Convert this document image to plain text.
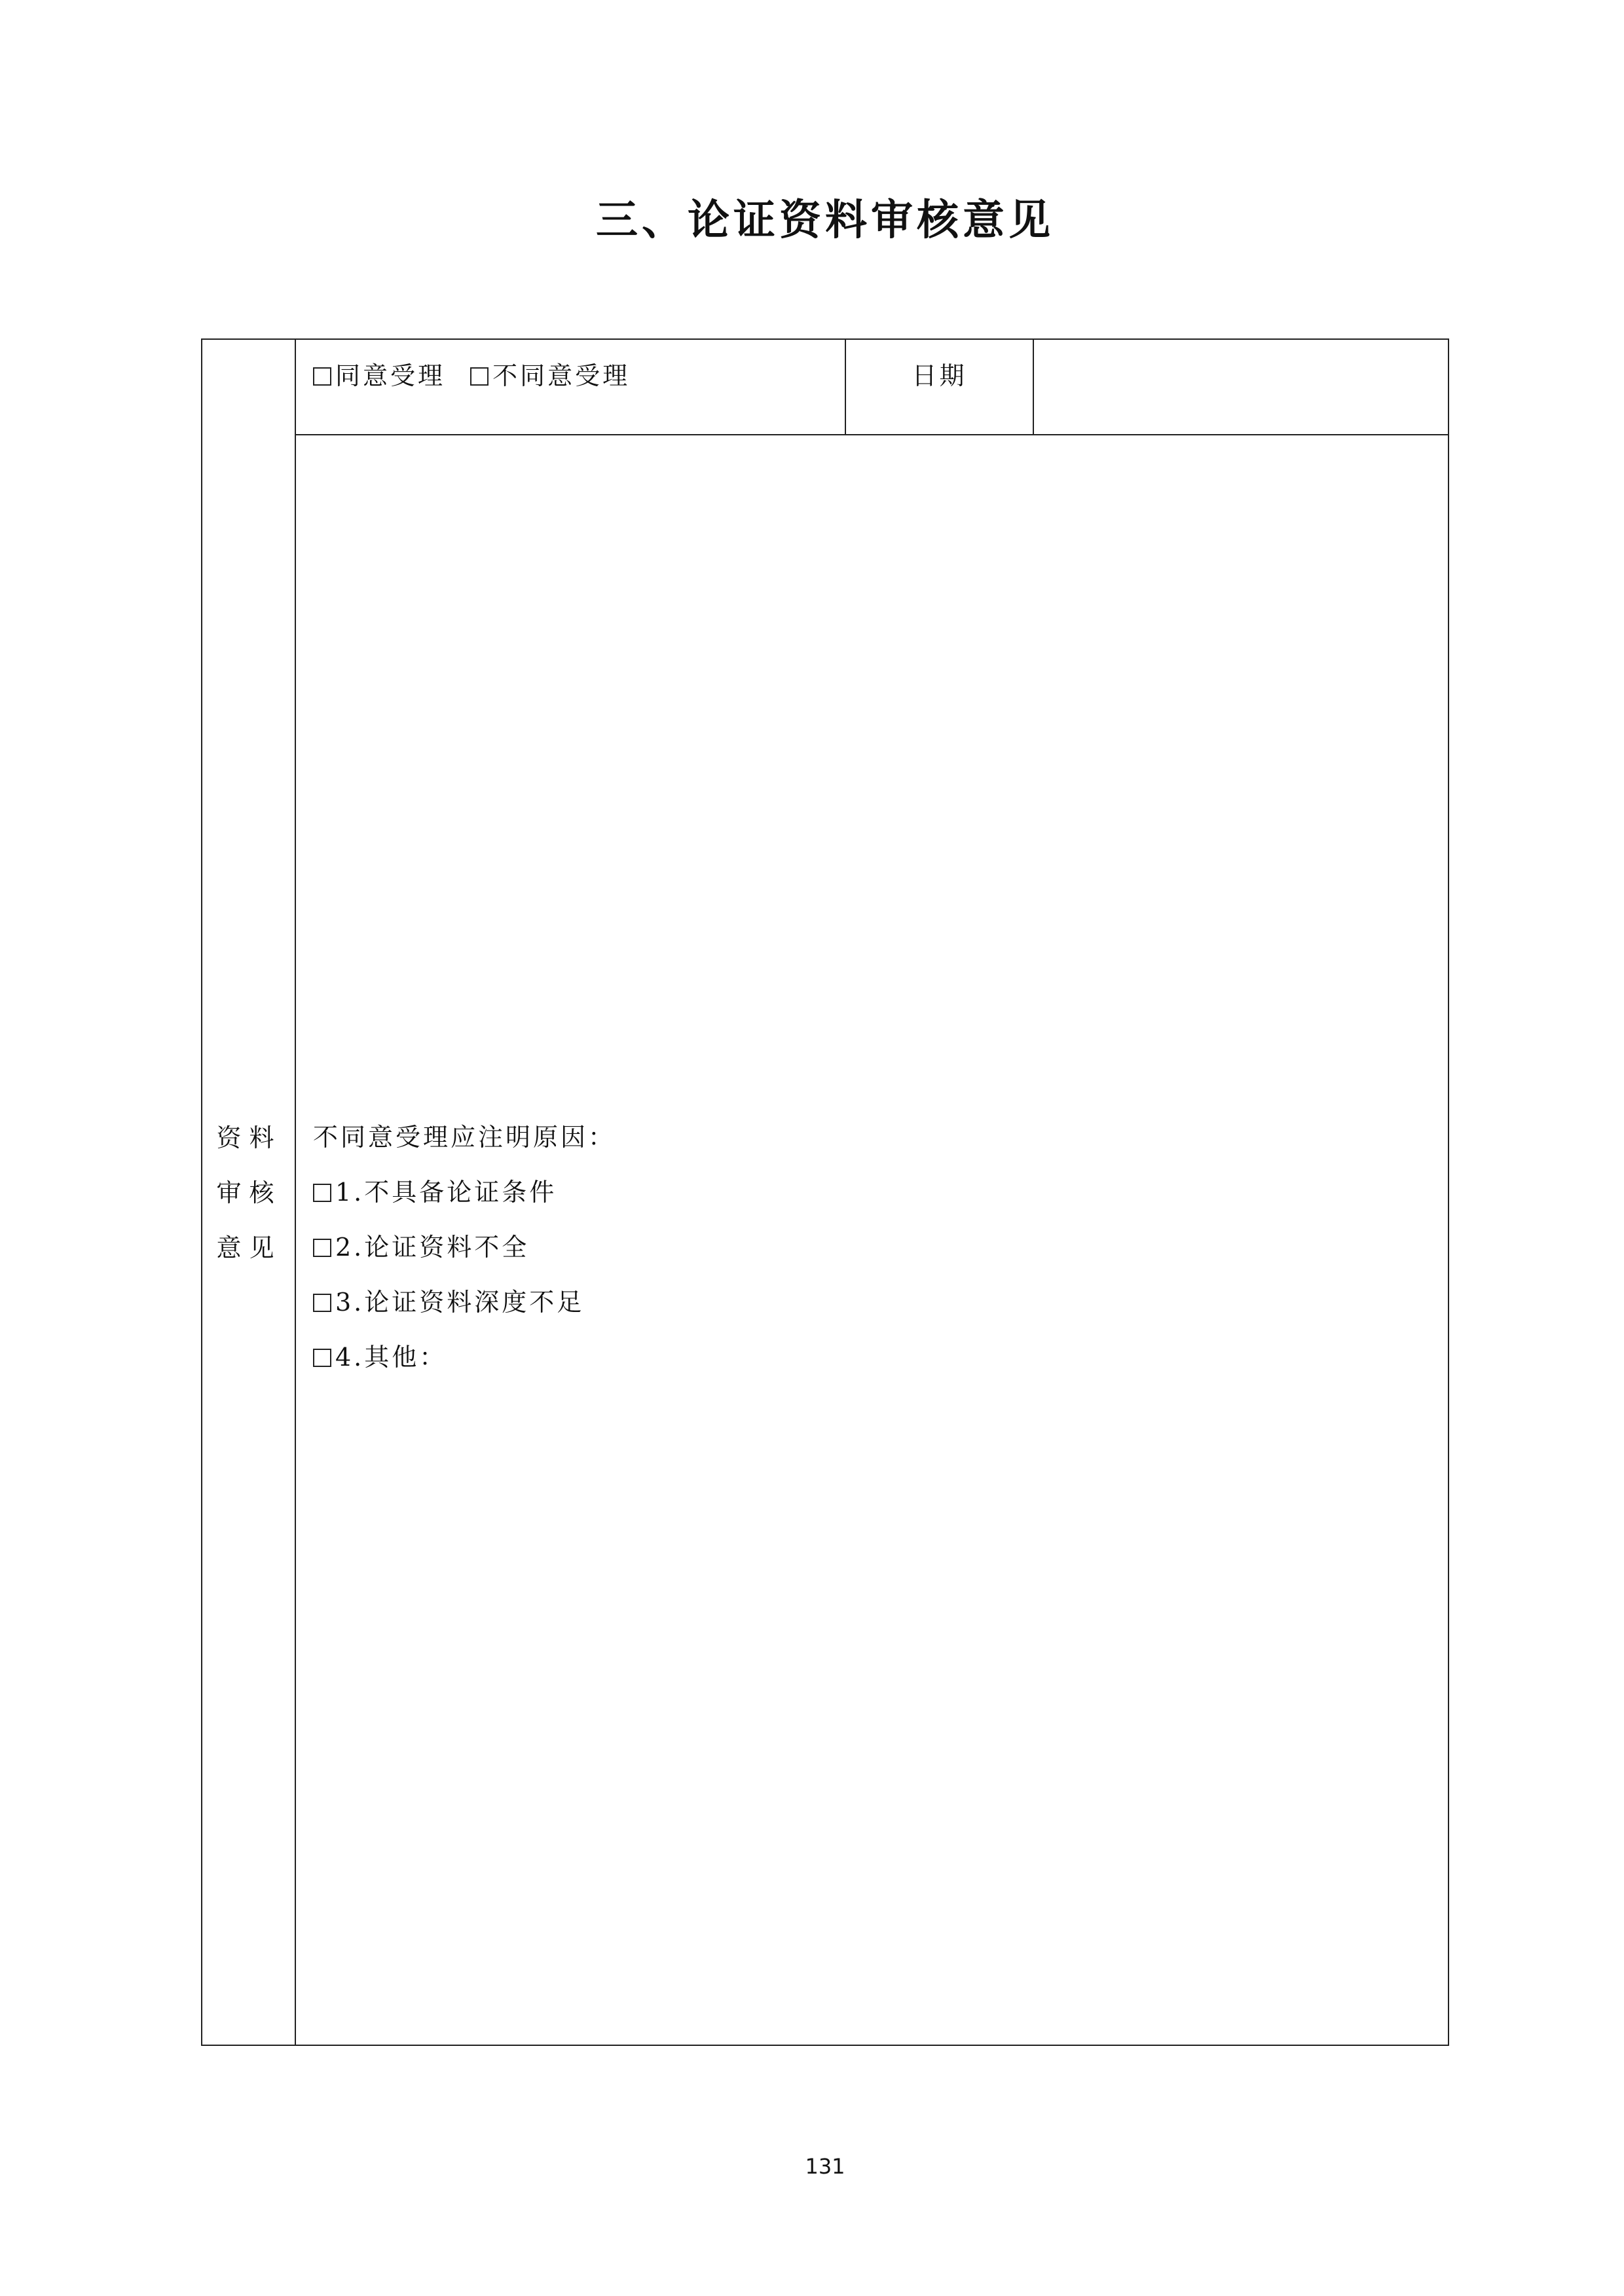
三、论证资料审核意见
资料
审核
意见
同意受理 不同意受理	日期
不同意受理应注明原因：
1.不具备论证条件
2.论证资料不全
3.论证资料深度不足
4.其他：
131
